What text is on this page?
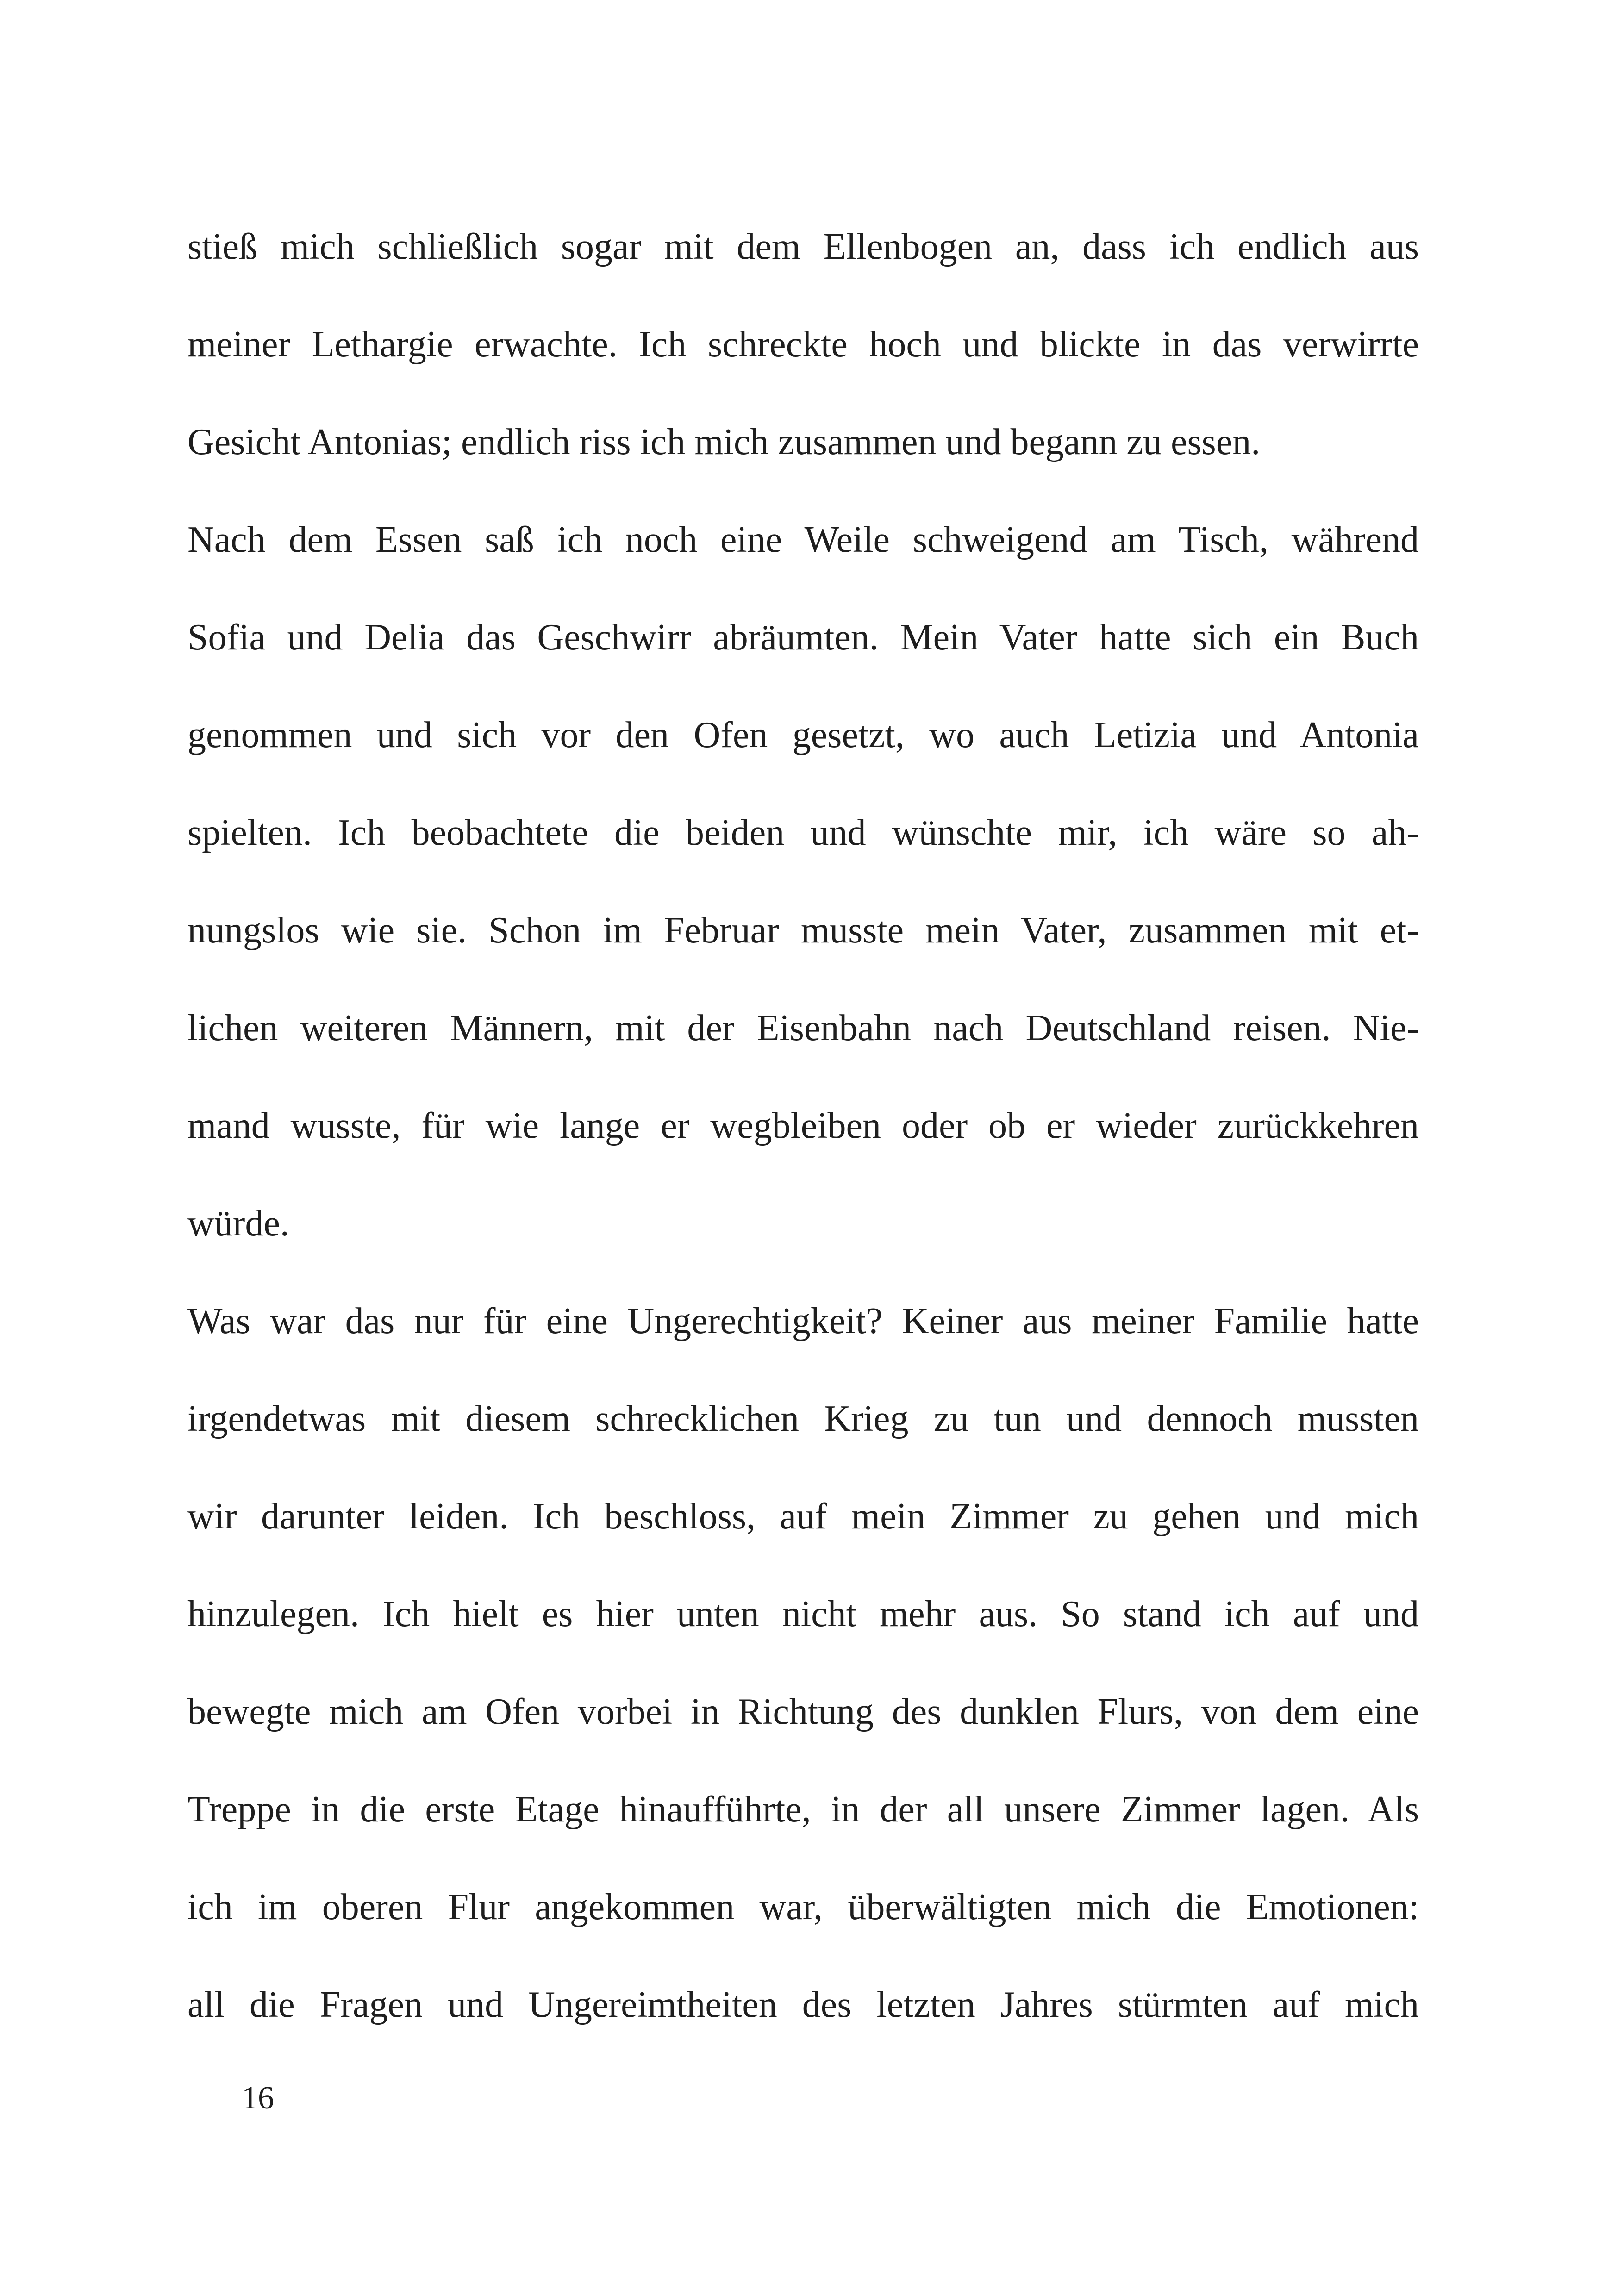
stieß mich schließlich sogar mit dem Ellenbogen an, dass ich endlich aus
meiner Lethargie erwachte. Ich schreckte hoch und blickte in das verwirrte
Gesicht Antonias; endlich riss ich mich zusammen und begann zu essen.
Nach dem Essen saß ich noch eine Weile schweigend am Tisch, während
Sofia und Delia das Geschwirr abräumten. Mein Vater hatte sich ein Buch
genommen und sich vor den Ofen gesetzt, wo auch Letizia und Antonia
spielten. Ich beobachtete die beiden und wünschte mir, ich wäre so ah-
nungslos wie sie. Schon im Februar musste mein Vater, zusammen mit et-
lichen weiteren Männern, mit der Eisenbahn nach Deutschland reisen. Nie-
mand wusste, für wie lange er wegbleiben oder ob er wieder zurückkehren
würde.
Was war das nur für eine Ungerechtigkeit? Keiner aus meiner Familie hatte
irgendetwas mit diesem schrecklichen Krieg zu tun und dennoch mussten
wir darunter leiden. Ich beschloss, auf mein Zimmer zu gehen und mich
hinzulegen. Ich hielt es hier unten nicht mehr aus. So stand ich auf und
bewegte mich am Ofen vorbei in Richtung des dunklen Flurs, von dem eine
Treppe in die erste Etage hinaufführte, in der all unsere Zimmer lagen. Als
ich im oberen Flur angekommen war, überwältigten mich die Emotionen:
all die Fragen und Ungereimtheiten des letzten Jahres stürmten auf mich
16
